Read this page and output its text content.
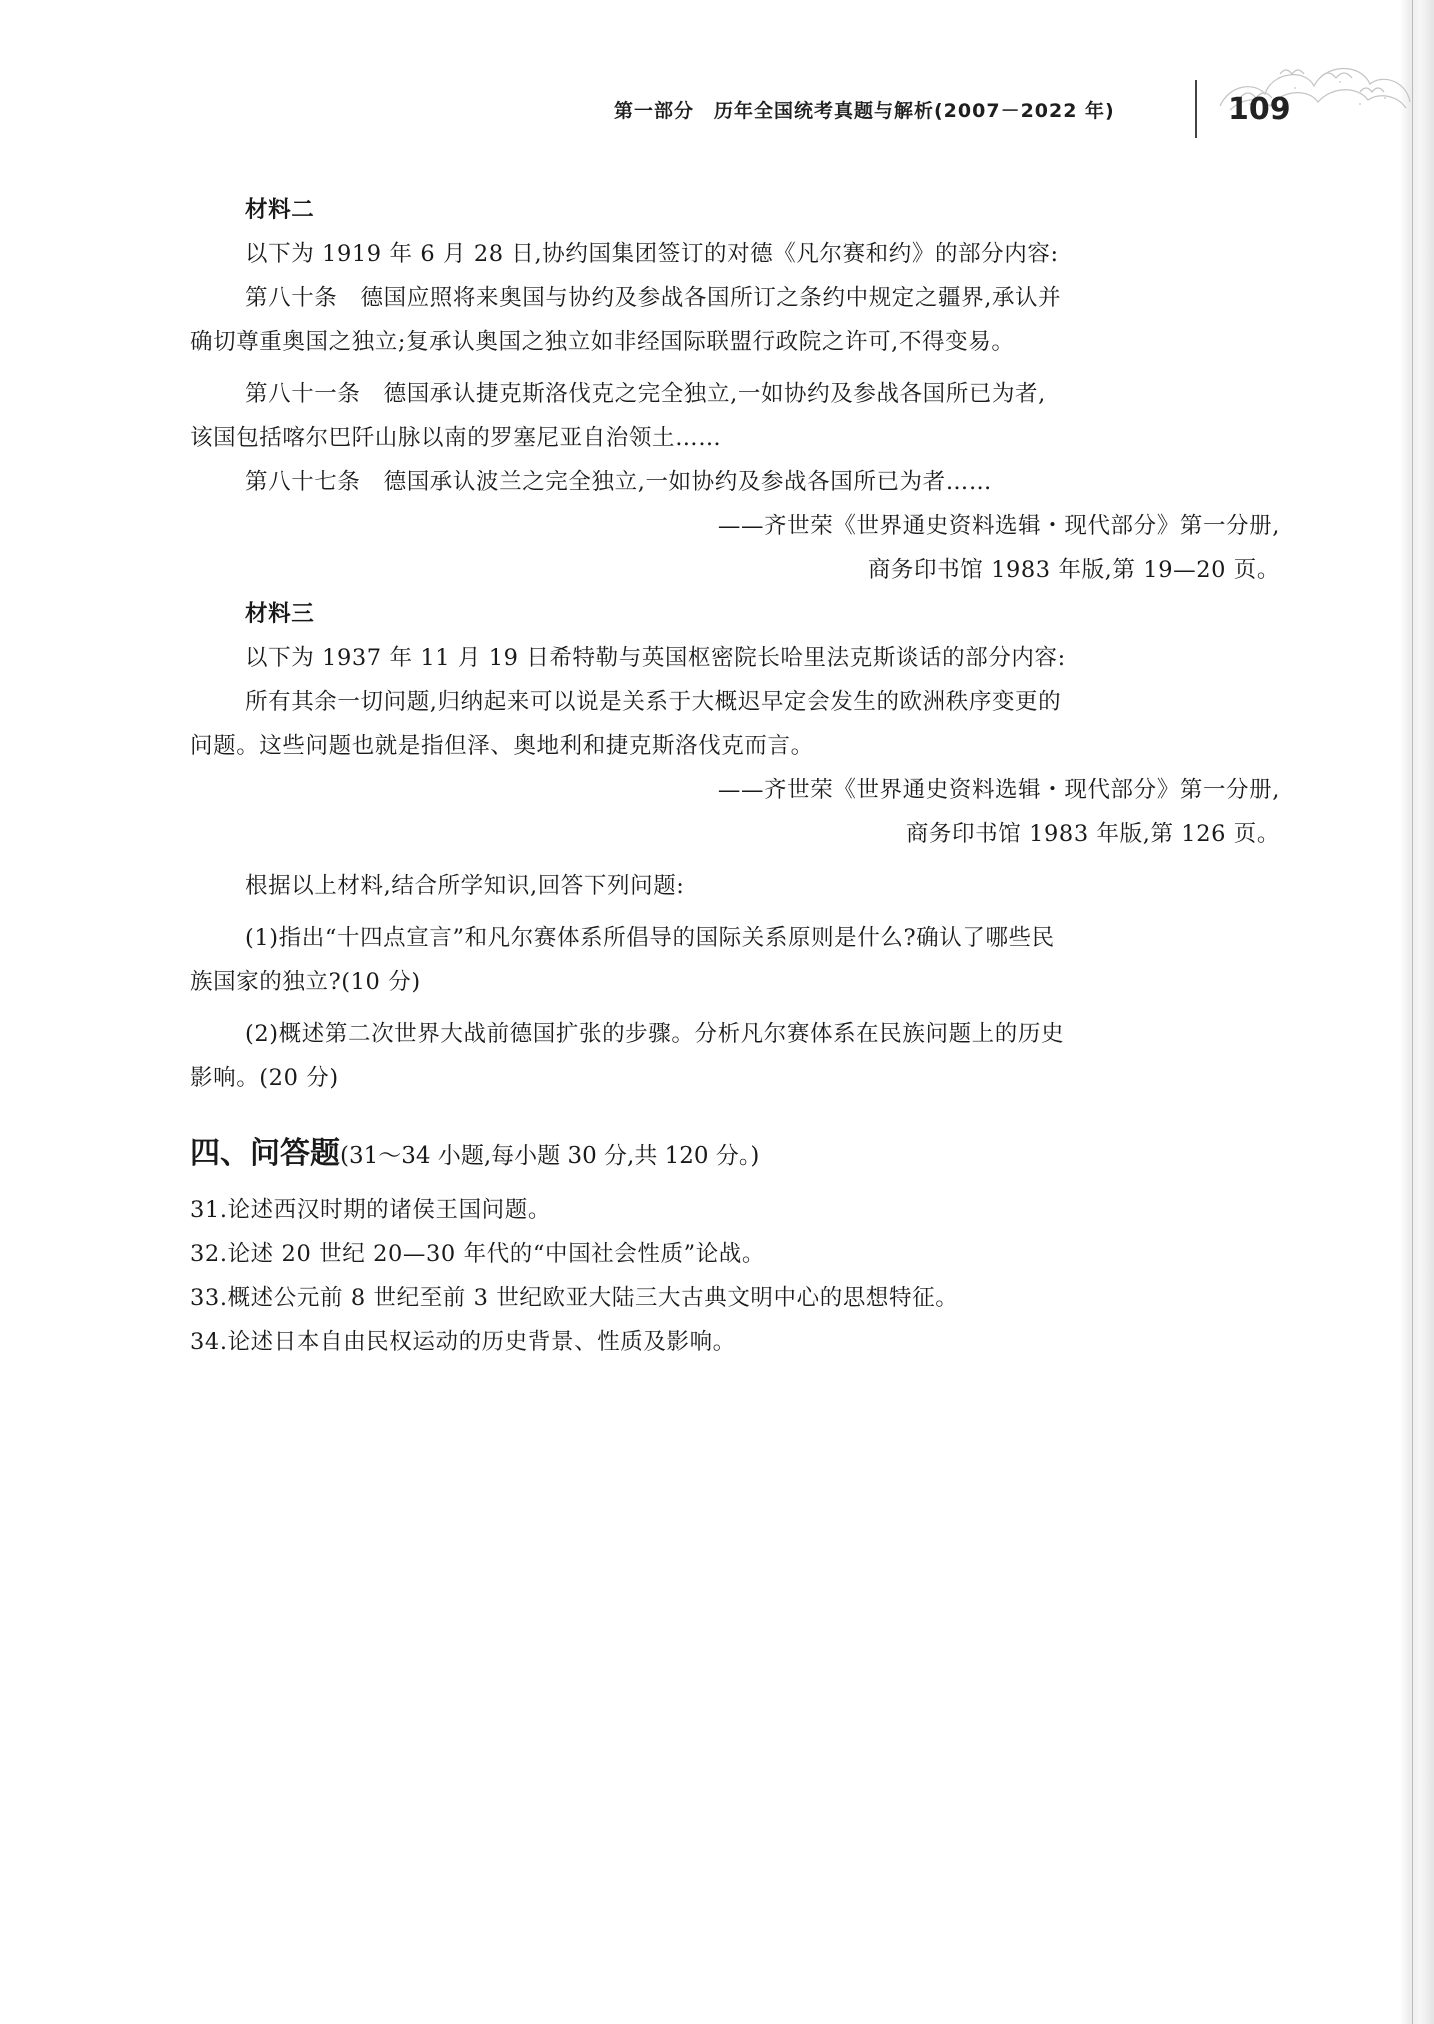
第一部分　历年全国统考真题与解析(2007－2022 年)	109
材料二
以下为 1919 年 6 月 28 日,协约国集团签订的对德《凡尔赛和约》的部分内容:
第八十条　德国应照将来奥国与协约及参战各国所订之条约中规定之疆界,承认并
确切尊重奥国之独立;复承认奥国之独立如非经国际联盟行政院之许可,不得变易。
第八十一条　德国承认捷克斯洛伐克之完全独立,一如协约及参战各国所已为者,
该国包括喀尔巴阡山脉以南的罗塞尼亚自治领土……
第八十七条　德国承认波兰之完全独立,一如协约及参战各国所已为者……
——齐世荣《世界通史资料选辑・现代部分》第一分册,
商务印书馆 1983 年版,第 19—20 页。
材料三
以下为 1937 年 11 月 19 日希特勒与英国枢密院长哈里法克斯谈话的部分内容:
所有其余一切问题,归纳起来可以说是关系于大概迟早定会发生的欧洲秩序变更的
问题。这些问题也就是指但泽、奥地利和捷克斯洛伐克而言。
——齐世荣《世界通史资料选辑・现代部分》第一分册,
商务印书馆 1983 年版,第 126 页。
根据以上材料,结合所学知识,回答下列问题:
(1)指出“十四点宣言”和凡尔赛体系所倡导的国际关系原则是什么?确认了哪些民
族国家的独立?(10 分)
(2)概述第二次世界大战前德国扩张的步骤。分析凡尔赛体系在民族问题上的历史
影响。(20 分)
四、问答题(31～34 小题,每小题 30 分,共 120 分。)
31.论述西汉时期的诸侯王国问题。
32.论述 20 世纪 20—30 年代的“中国社会性质”论战。
33.概述公元前 8 世纪至前 3 世纪欧亚大陆三大古典文明中心的思想特征。
34.论述日本自由民权运动的历史背景、性质及影响。
